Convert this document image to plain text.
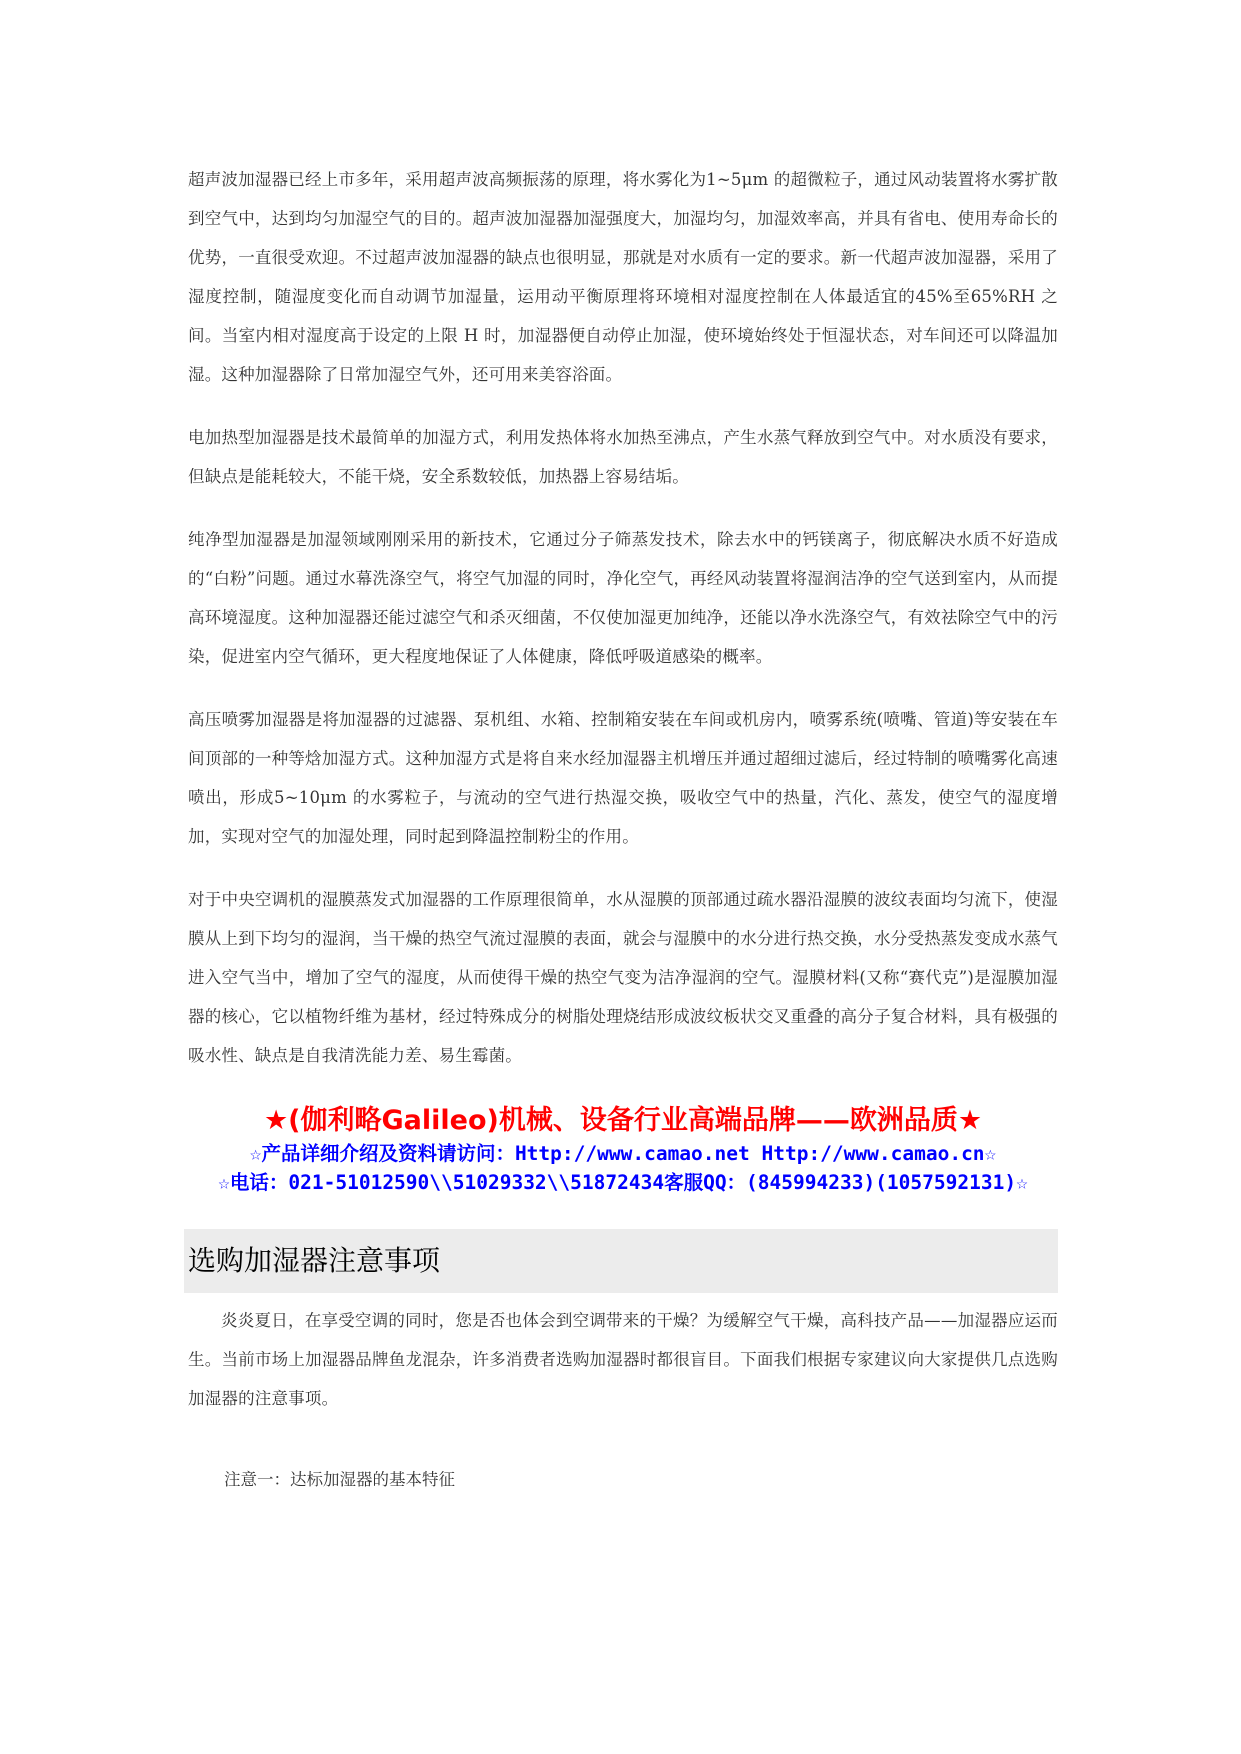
超声波加湿器已经上市多年，采用超声波高频振荡的原理，将水雾化为1~5μm 的超微粒子，通过风动装置将水雾扩散到空气中，达到均匀加湿空气的目的。超声波加湿器加湿强度大，加湿均匀，加湿效率高，并具有省电、使用寿命长的优势，一直很受欢迎。不过超声波加湿器的缺点也很明显，那就是对水质有一定的要求。新一代超声波加湿器，采用了湿度控制，随湿度变化而自动调节加湿量，运用动平衡原理将环境相对湿度控制在人体最适宜的45%至65%RH 之间。当室内相对湿度高于设定的上限 H 时，加湿器便自动停止加湿，使环境始终处于恒湿状态，对车间还可以降温加湿。这种加湿器除了日常加湿空气外，还可用来美容浴面。

电加热型加湿器是技术最简单的加湿方式，利用发热体将水加热至沸点，产生水蒸气释放到空气中。对水质没有要求，但缺点是能耗较大，不能干烧，安全系数较低，加热器上容易结垢。

纯净型加湿器是加湿领域刚刚采用的新技术，它通过分子筛蒸发技术，除去水中的钙镁离子，彻底解决水质不好造成的“白粉”问题。通过水幕洗涤空气，将空气加湿的同时，净化空气，再经风动装置将湿润洁净的空气送到室内，从而提高环境湿度。这种加湿器还能过滤空气和杀灭细菌，不仅使加湿更加纯净，还能以净水洗涤空气，有效祛除空气中的污染，促进室内空气循环，更大程度地保证了人体健康，降低呼吸道感染的概率。

高压喷雾加湿器是将加湿器的过滤器、泵机组、水箱、控制箱安装在车间或机房内，喷雾系统(喷嘴、管道)等安装在车间顶部的一种等焓加湿方式。这种加湿方式是将自来水经加湿器主机增压并通过超细过滤后，经过特制的喷嘴雾化高速喷出，形成5~10μm 的水雾粒子，与流动的空气进行热湿交换，吸收空气中的热量，汽化、蒸发，使空气的湿度增加，实现对空气的加湿处理，同时起到降温控制粉尘的作用。

对于中央空调机的湿膜蒸发式加湿器的工作原理很简单，水从湿膜的顶部通过疏水器沿湿膜的波纹表面均匀流下，使湿膜从上到下均匀的湿润，当干燥的热空气流过湿膜的表面，就会与湿膜中的水分进行热交换，水分受热蒸发变成水蒸气进入空气当中，增加了空气的湿度，从而使得干燥的热空气变为洁净湿润的空气。湿膜材料(又称“赛代克”)是湿膜加湿器的核心，它以植物纤维为基材，经过特殊成分的树脂处理烧结形成波纹板状交叉重叠的高分子复合材料，具有极强的吸水性、缺点是自我清洗能力差、易生霉菌。

★(伽利略Galileo)机械、设备行业高端品牌——欧洲品质★
☆产品详细介绍及资料请访问：Http://www.camao.net Http://www.camao.cn☆
☆电话：021-51012590\\51029332\\51872434客服QQ：(845994233)(1057592131)☆
选购加湿器注意事项

炎炎夏日，在享受空调的同时，您是否也体会到空调带来的干燥？为缓解空气干燥，高科技产品——加湿器应运而生。当前市场上加湿器品牌鱼龙混杂，许多消费者选购加湿器时都很盲目。下面我们根据专家建议向大家提供几点选购加湿器的注意事项。

注意一：达标加湿器的基本特征
